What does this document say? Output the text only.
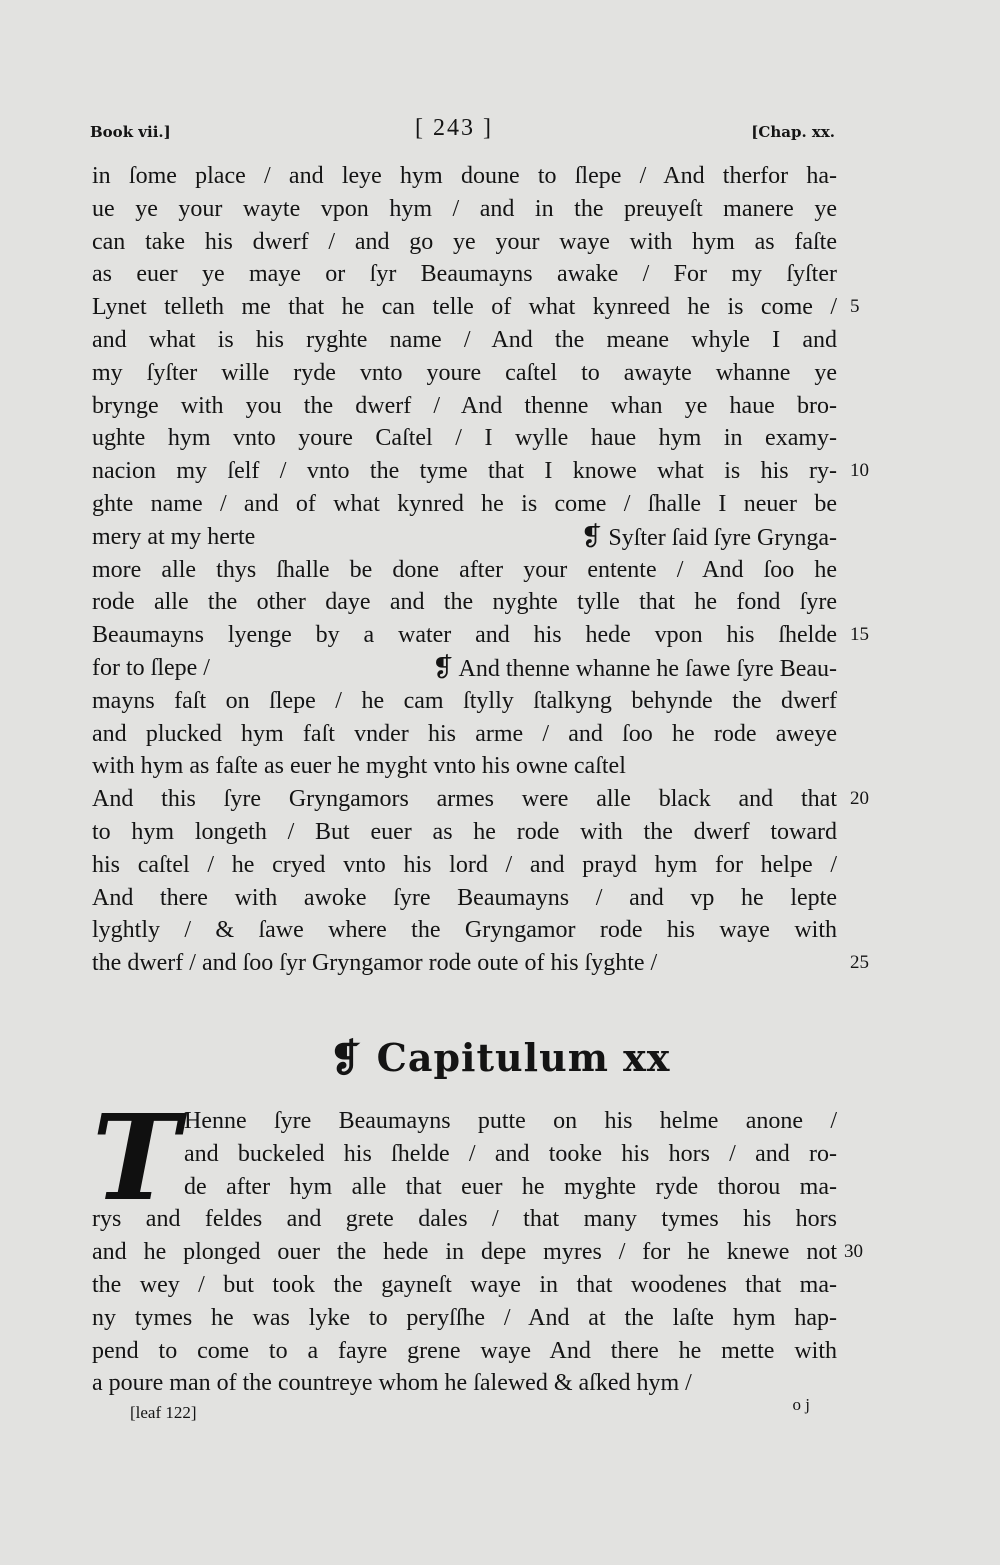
Book vii.]	[ 243 ]	[Chap. xx.
in ſome place / and leye hym doune to ſlepe / And therfor ha-
ue ye your wayte vpon hym / and in the preuyeſt manere ye
can take his dwerf / and go ye your waye with hym as faſte
as euer ye maye or ſyr Beaumayns awake / For my ſyſter
Lynet telleth me that he can telle of what kynreed he is come / 5
and what is his ryghte name / And the meane whyle I and
my ſyſter wille ryde vnto youre caſtel to awayte whanne ye
brynge with you the dwerf / And thenne whan ye haue bro-
ughte hym vnto youre Caſtel / I wylle haue hym in examy-
nacion my ſelf / vnto the tyme that I knowe what is his ry- 10
ghte name / and of what kynred he is come / ſhalle I neuer be
mery at my herte	❡ Syſter ſaid ſyre Grynga-
more alle thys ſhalle be done after your entente / And ſoo he
rode alle the other daye and the nyghte tylle that he fond ſyre
Beaumayns lyenge by a water and his hede vpon his ſhelde 15
for to ſlepe /	❡ And thenne whanne he ſawe ſyre Beau-
mayns faſt on ſlepe / he cam ſtylly ſtalkyng behynde the dwerf
and plucked hym faſt vnder his arme / and ſoo he rode aweye
with hym as faſte as euer he myght vnto his owne caſtel
And this ſyre Gryngamors armes were alle black and that 20
to hym longeth / But euer as he rode with the dwerf toward
his caſtel / he cryed vnto his lord / and prayd hym for helpe /
And there with awoke ſyre Beaumayns / and vp he lepte
lyghtly / & ſawe where the Gryngamor rode his waye with
the dwerf / and ſoo ſyr Gryngamor rode oute of his ſyghte /	25
❡ Capitulum xx
T Henne ſyre Beaumayns putte on his helme anone /
and buckeled his ſhelde / and tooke his hors / and ro-
de after hym alle that euer he myghte ryde thorou ma-
rys and feldes and grete dales / that many tymes his hors
and he plonged ouer the hede in depe myres / for he knewe not 30
the wey / but took the gayneſt waye in that woodenes that ma-
ny tymes he was lyke to peryſſhe / And at the laſte hym hap-
pend to come to a fayre grene waye And there he mette with
a poure man of the countreye whom he ſalewed & aſked hym /
[leaf 122]	o j
